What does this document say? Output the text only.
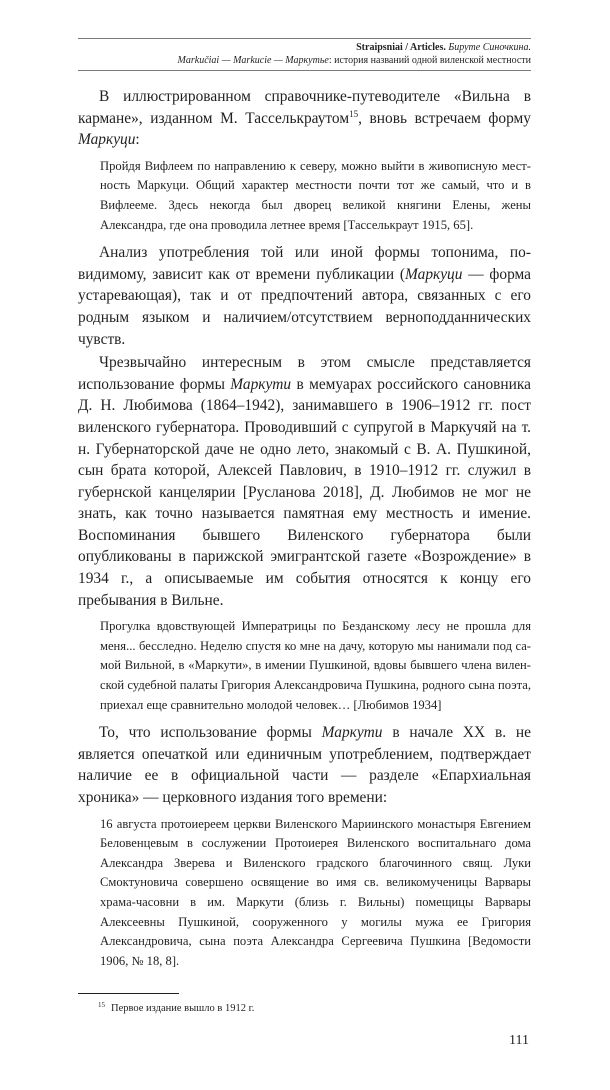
Straipsniai / Articles. Бируте Синочкина.
Markučiai — Markucie — Маркутье: история названий одной виленской местности

В иллюстрированном справочнике-путеводителе «Вильна в кармане», изданном М. Тасселькраутом$^{15}$, вновь встречаем форму Маркуци:

Пройдя Вифлеем по направлению к северу, можно выйти в живописную местность Маркуци. Общий характер местности почти тот же самый, что и в Вифлееме. Здесь некогда был дворец великой княгини Елены, жены Александра, где она проводила летнее время [Тасселькраут 1915, 65].

Анализ употребления той или иной формы топонима, по-видимому, зависит как от времени публикации (Маркуци — форма устаревающая), так и от предпочтений автора, связанных с его родным языком и наличием/отсутствием верноподданнических чувств.

Чрезвычайно интересным в этом смысле представляется использование формы Маркути в мемуарах российского сановника Д. Н. Любимова (1864–1942), занимавшего в 1906–1912 гг. пост виленского губернатора. Проводивший с супругой в Маркучяй на т. н. Губернаторской даче не одно лето, знакомый с В. А. Пушкиной, сын брата которой, Алексей Павлович, в 1910–1912 гг. служил в губернской канцелярии [Русланова 2018], Д. Любимов не мог не знать, как точно называется памятная ему местность и имение. Воспоминания бывшего Виленского губернатора были опубликованы в парижской эмигрантской газете «Возрождение» в 1934 г., а описываемые им события относятся к концу его пребывания в Вильне.

Прогулка вдовствующей Императрицы по Безданскому лесу не прошла для меня... бесследно. Неделю спустя ко мне на дачу, которую мы нанимали под самой Вильной, в «Маркути», в имении Пушкиной, вдовы бывшего члена виленской судебной палаты Григория Александровича Пушкина, родного сына поэта, приехал еще сравнительно молодой человек… [Любимов 1934]

То, что использование формы Маркути в начале XX в. не является опечаткой или единичным употреблением, подтверждает наличие ее в официальной части — разделе «Епархиальная хроника» — церковного издания того времени:

16 августа протоиереем церкви Виленского Мариинского монастыря Евгением Беловенцевым в сослужении Протоиерея Виленского воспитальнаго дома Александра Зверева и Виленского градского благочинного свящ. Луки Смоктуновича совершено освящение во имя св. великомученицы Варвары храма-часовни в им. Маркути (близь г. Вильны) помещицы Варвары Алексеевны Пушкиной, сооруженного у могилы мужа ее Григория Александровича, сына поэта Александра Сергеевича Пушкина [Ведомости 1906, № 18, 8].
$^{15}$ Первое издание вышло в 1912 г.
111
